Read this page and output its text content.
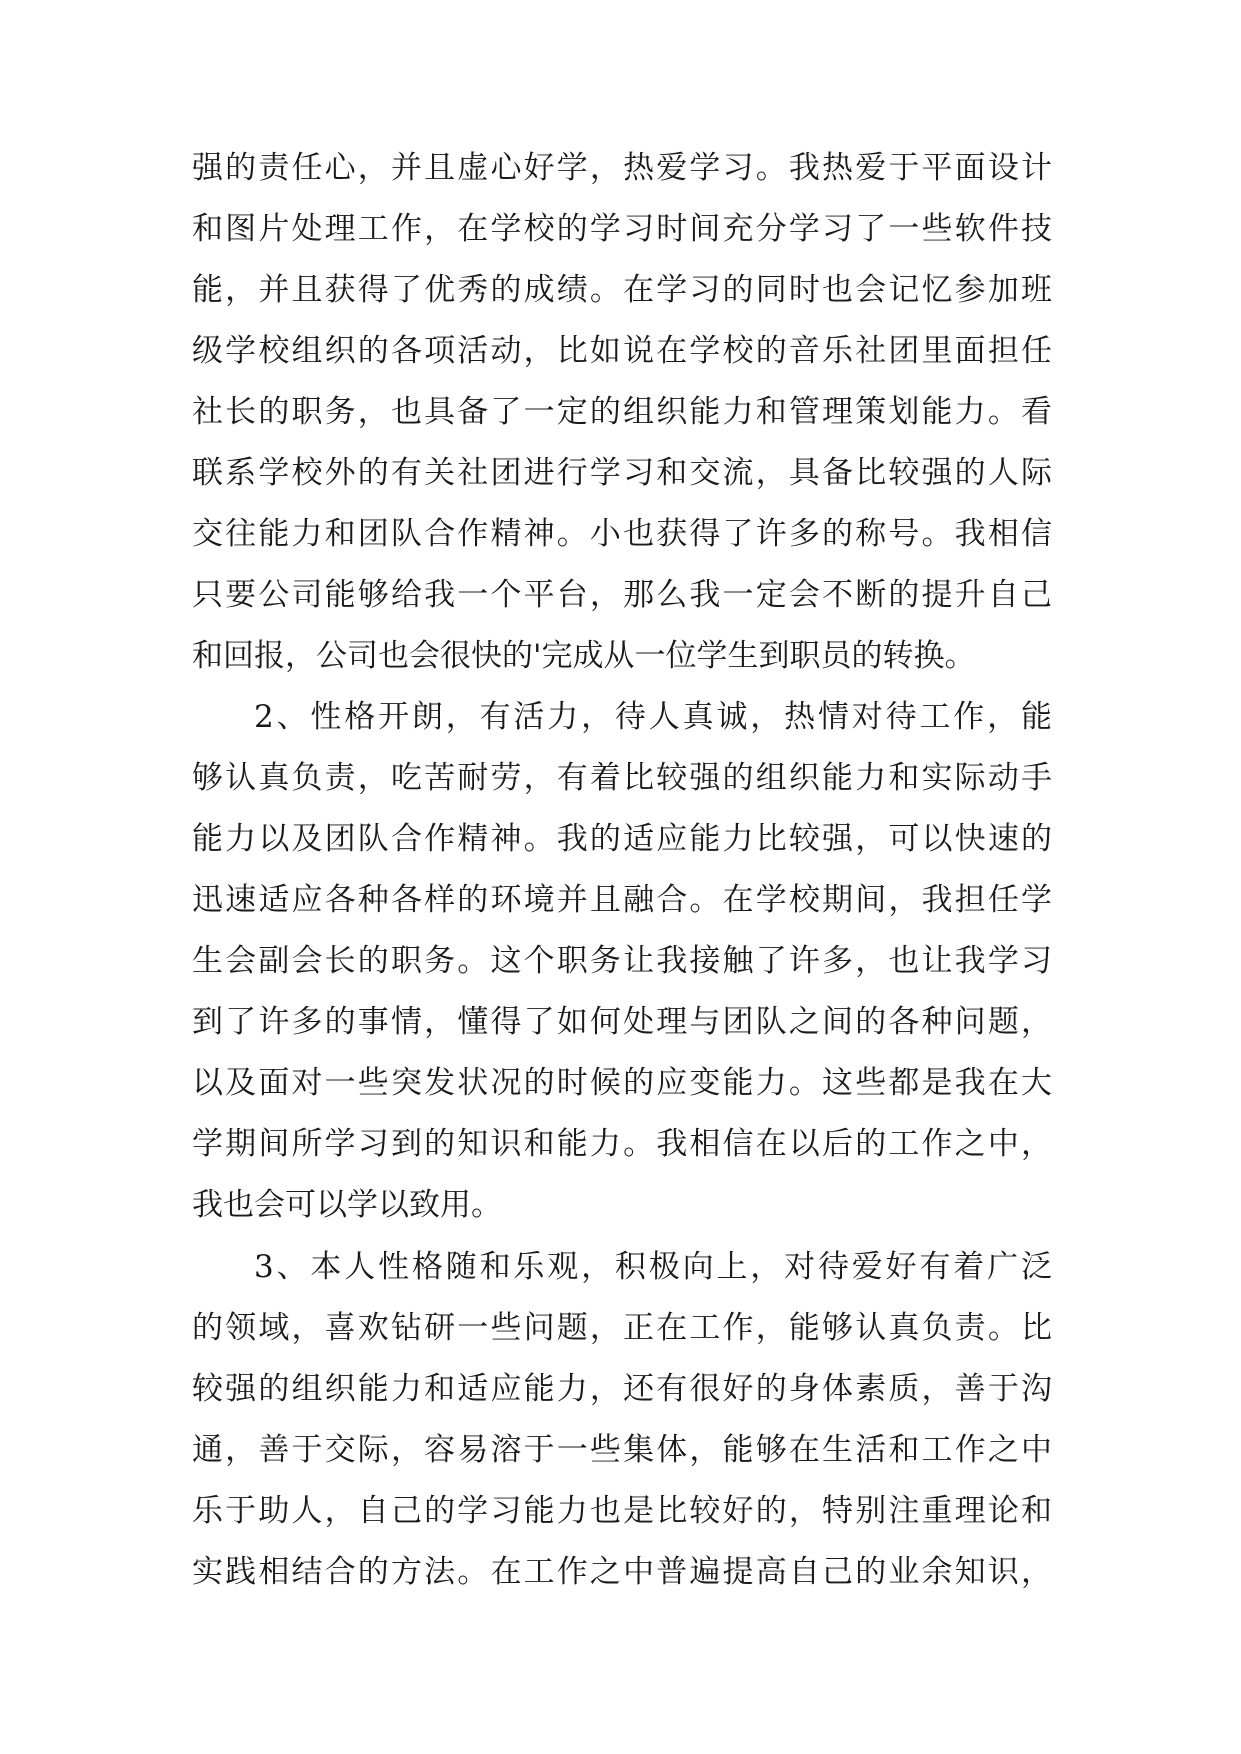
强的责任心，并且虚心好学，热爱学习。我热爱于平面设计
和图片处理工作，在学校的学习时间充分学习了一些软件技
能，并且获得了优秀的成绩。在学习的同时也会记忆参加班
级学校组织的各项活动，比如说在学校的音乐社团里面担任
社长的职务，也具备了一定的组织能力和管理策划能力。看
联系学校外的有关社团进行学习和交流，具备比较强的人际
交往能力和团队合作精神。小也获得了许多的称号。我相信
只要公司能够给我一个平台，那么我一定会不断的提升自己
和回报，公司也会很快的'完成从一位学生到职员的转换。
2、性格开朗，有活力，待人真诚，热情对待工作，能
够认真负责，吃苦耐劳，有着比较强的组织能力和实际动手
能力以及团队合作精神。我的适应能力比较强，可以快速的
迅速适应各种各样的环境并且融合。在学校期间，我担任学
生会副会长的职务。这个职务让我接触了许多，也让我学习
到了许多的事情，懂得了如何处理与团队之间的各种问题，
以及面对一些突发状况的时候的应变能力。这些都是我在大
学期间所学习到的知识和能力。我相信在以后的工作之中，
我也会可以学以致用。
3、本人性格随和乐观，积极向上，对待爱好有着广泛
的领域，喜欢钻研一些问题，正在工作，能够认真负责。比
较强的组织能力和适应能力，还有很好的身体素质，善于沟
通，善于交际，容易溶于一些集体，能够在生活和工作之中
乐于助人，自己的学习能力也是比较好的，特别注重理论和
实践相结合的方法。在工作之中普遍提高自己的业余知识，
